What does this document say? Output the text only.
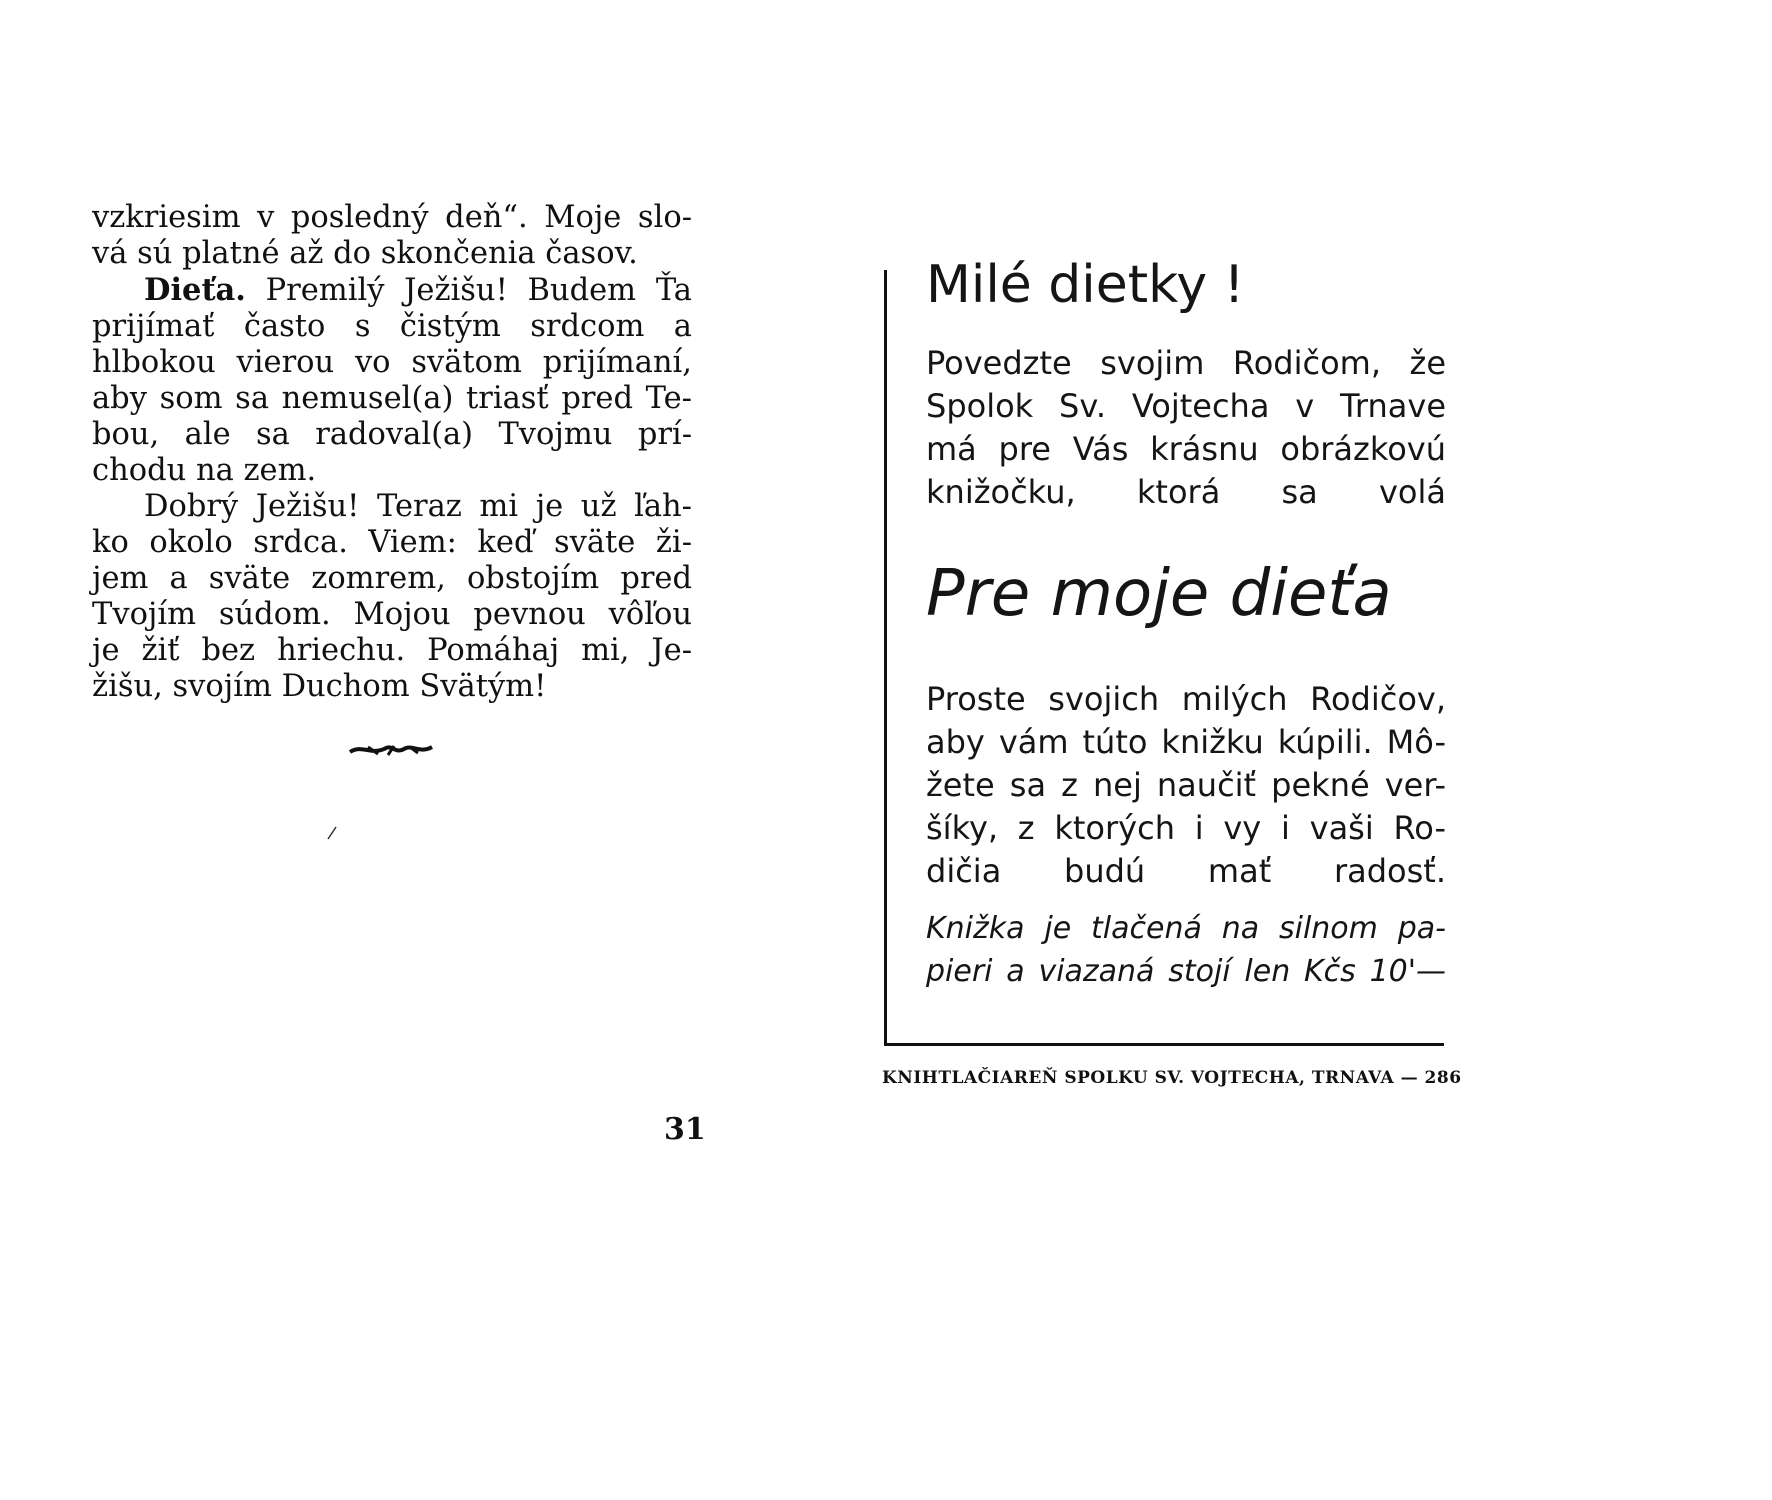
vzkriesim v posledný deň“. Moje slo-
vá sú platné až do skončenia časov.
Dieťa. Premilý Ježišu! Budem Ťa
prijímať často s čistým srdcom a
hlbokou vierou vo svätom prijímaní,
aby som sa nemusel(a) triasť pred Te-
bou, ale sa radoval(a) Tvojmu prí-
chodu na zem.
Dobrý Ježišu! Teraz mi je už ľah-
ko okolo srdca. Viem: keď sväte ži-
jem a sväte zomrem, obstojím pred
Tvojím súdom. Mojou pevnou vôľou
je žiť bez hriechu. Pomáhaj mi, Je-
žišu, svojím Duchom Svätým!
31
Milé dietky !
Povedzte svojim Rodičom, že
Spolok Sv. Vojtecha v Trnave
má pre Vás krásnu obrázkovú
knižočku, ktorá sa volá
Pre moje dieťa
Proste svojich milých Rodičov,
aby vám túto knižku kúpili. Mô-
žete sa z nej naučiť pekné ver-
šíky, z ktorých i vy i vaši Ro-
dičia budú mať radosť.
Knižka je tlačená na silnom pa-
pieri a viazaná stojí len Kčs 10'—
KNIHTLAČIAREŇ SPOLKU SV. VOJTECHA, TRNAVA — 286
